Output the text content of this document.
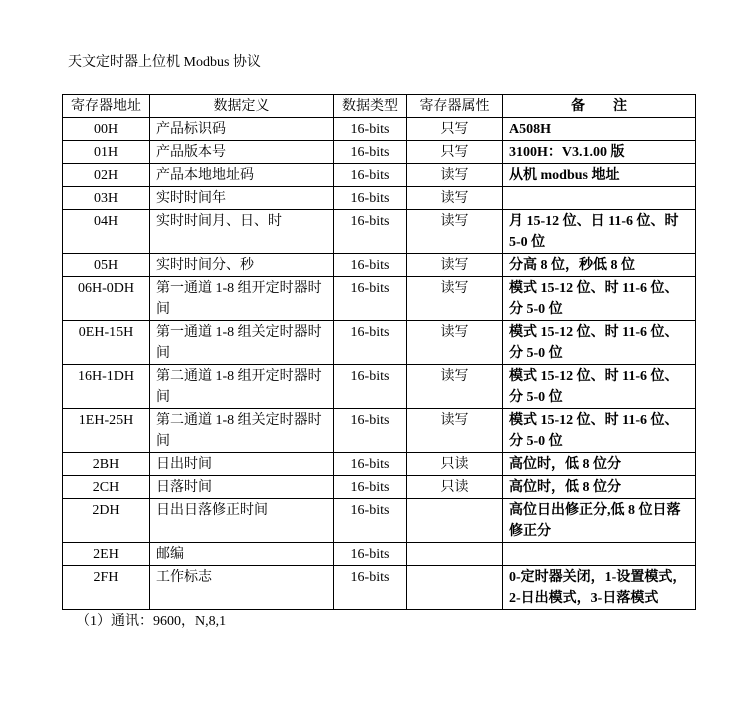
天文定时器上位机 Modbus 协议
寄存器地址	数据定义	数据类型	寄存器属性	备　　注
00H	产品标识码	16-bits	只写	A508H
01H	产品版本号	16-bits	只写	3100H：V3.1.00 版
02H	产品本地地址码	16-bits	读写	从机 modbus 地址
03H	实时时间年	16-bits	读写	
04H	实时时间月、日、时	16-bits	读写	月 15-12 位、日 11-6 位、时 5-0 位
05H	实时时间分、秒	16-bits	读写	分高 8 位，秒低 8 位
06H-0DH	第一通道 1-8 组开定时器时间	16-bits	读写	模式 15-12 位、时 11-6 位、分 5-0 位
0EH-15H	第一通道 1-8 组关定时器时间	16-bits	读写	模式 15-12 位、时 11-6 位、分 5-0 位
16H-1DH	第二通道 1-8 组开定时器时间	16-bits	读写	模式 15-12 位、时 11-6 位、分 5-0 位
1EH-25H	第二通道 1-8 组关定时器时间	16-bits	读写	模式 15-12 位、时 11-6 位、分 5-0 位
2BH	日出时间	16-bits	只读	高位时，低 8 位分
2CH	日落时间	16-bits	只读	高位时，低 8 位分
2DH	日出日落修正时间	16-bits		高位日出修正分,低 8 位日落修正分
2EH	邮编	16-bits		
2FH	工作标志	16-bits		0-定时器关闭，1-设置模式，2-日出模式，3-日落模式
（1）通讯：9600，N,8,1
